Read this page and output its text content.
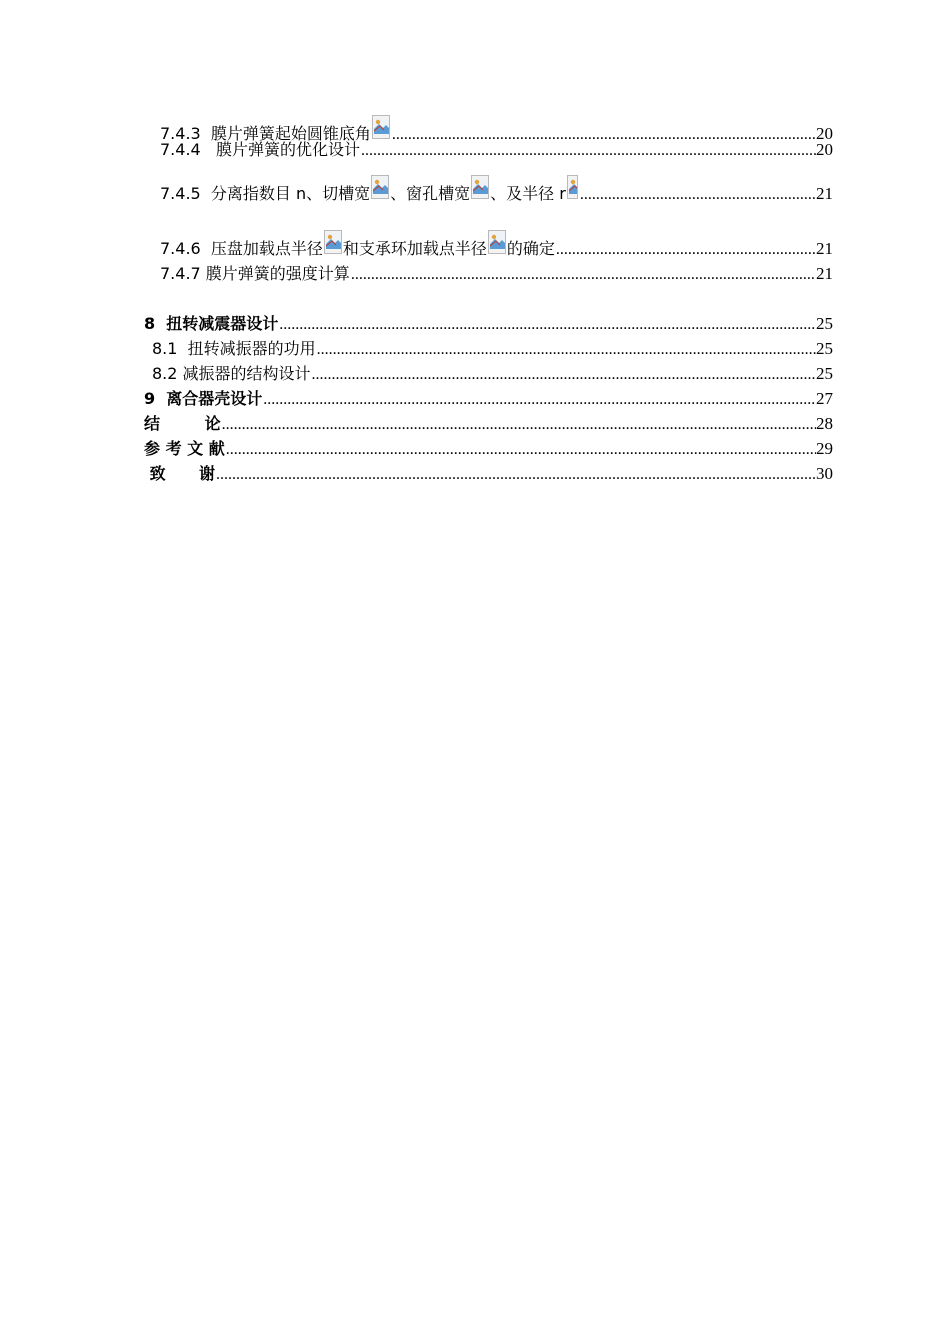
7.4.3  膜片弹簧起始圆锥底角 .....	20
7.4.4   膜片弹簧的优化设计 .....	20
7.4.5  分离指数目 n、切槽宽 、窗孔槽宽 、及半径 r .....	21
7.4.6  压盘加载点半径 和支承环加载点半径 的确定 .....	21
7.4.7 膜片弹簧的强度计算 .....	21
8  扭转减震器设计 .....	25
8.1  扭转减振器的功用 .....	25
8.2 减振器的结构设计 .....	25
9  离合器壳设计 .....	27
结        论 .....	28
参 考 文 献 .....	29
致      谢 .....	30
